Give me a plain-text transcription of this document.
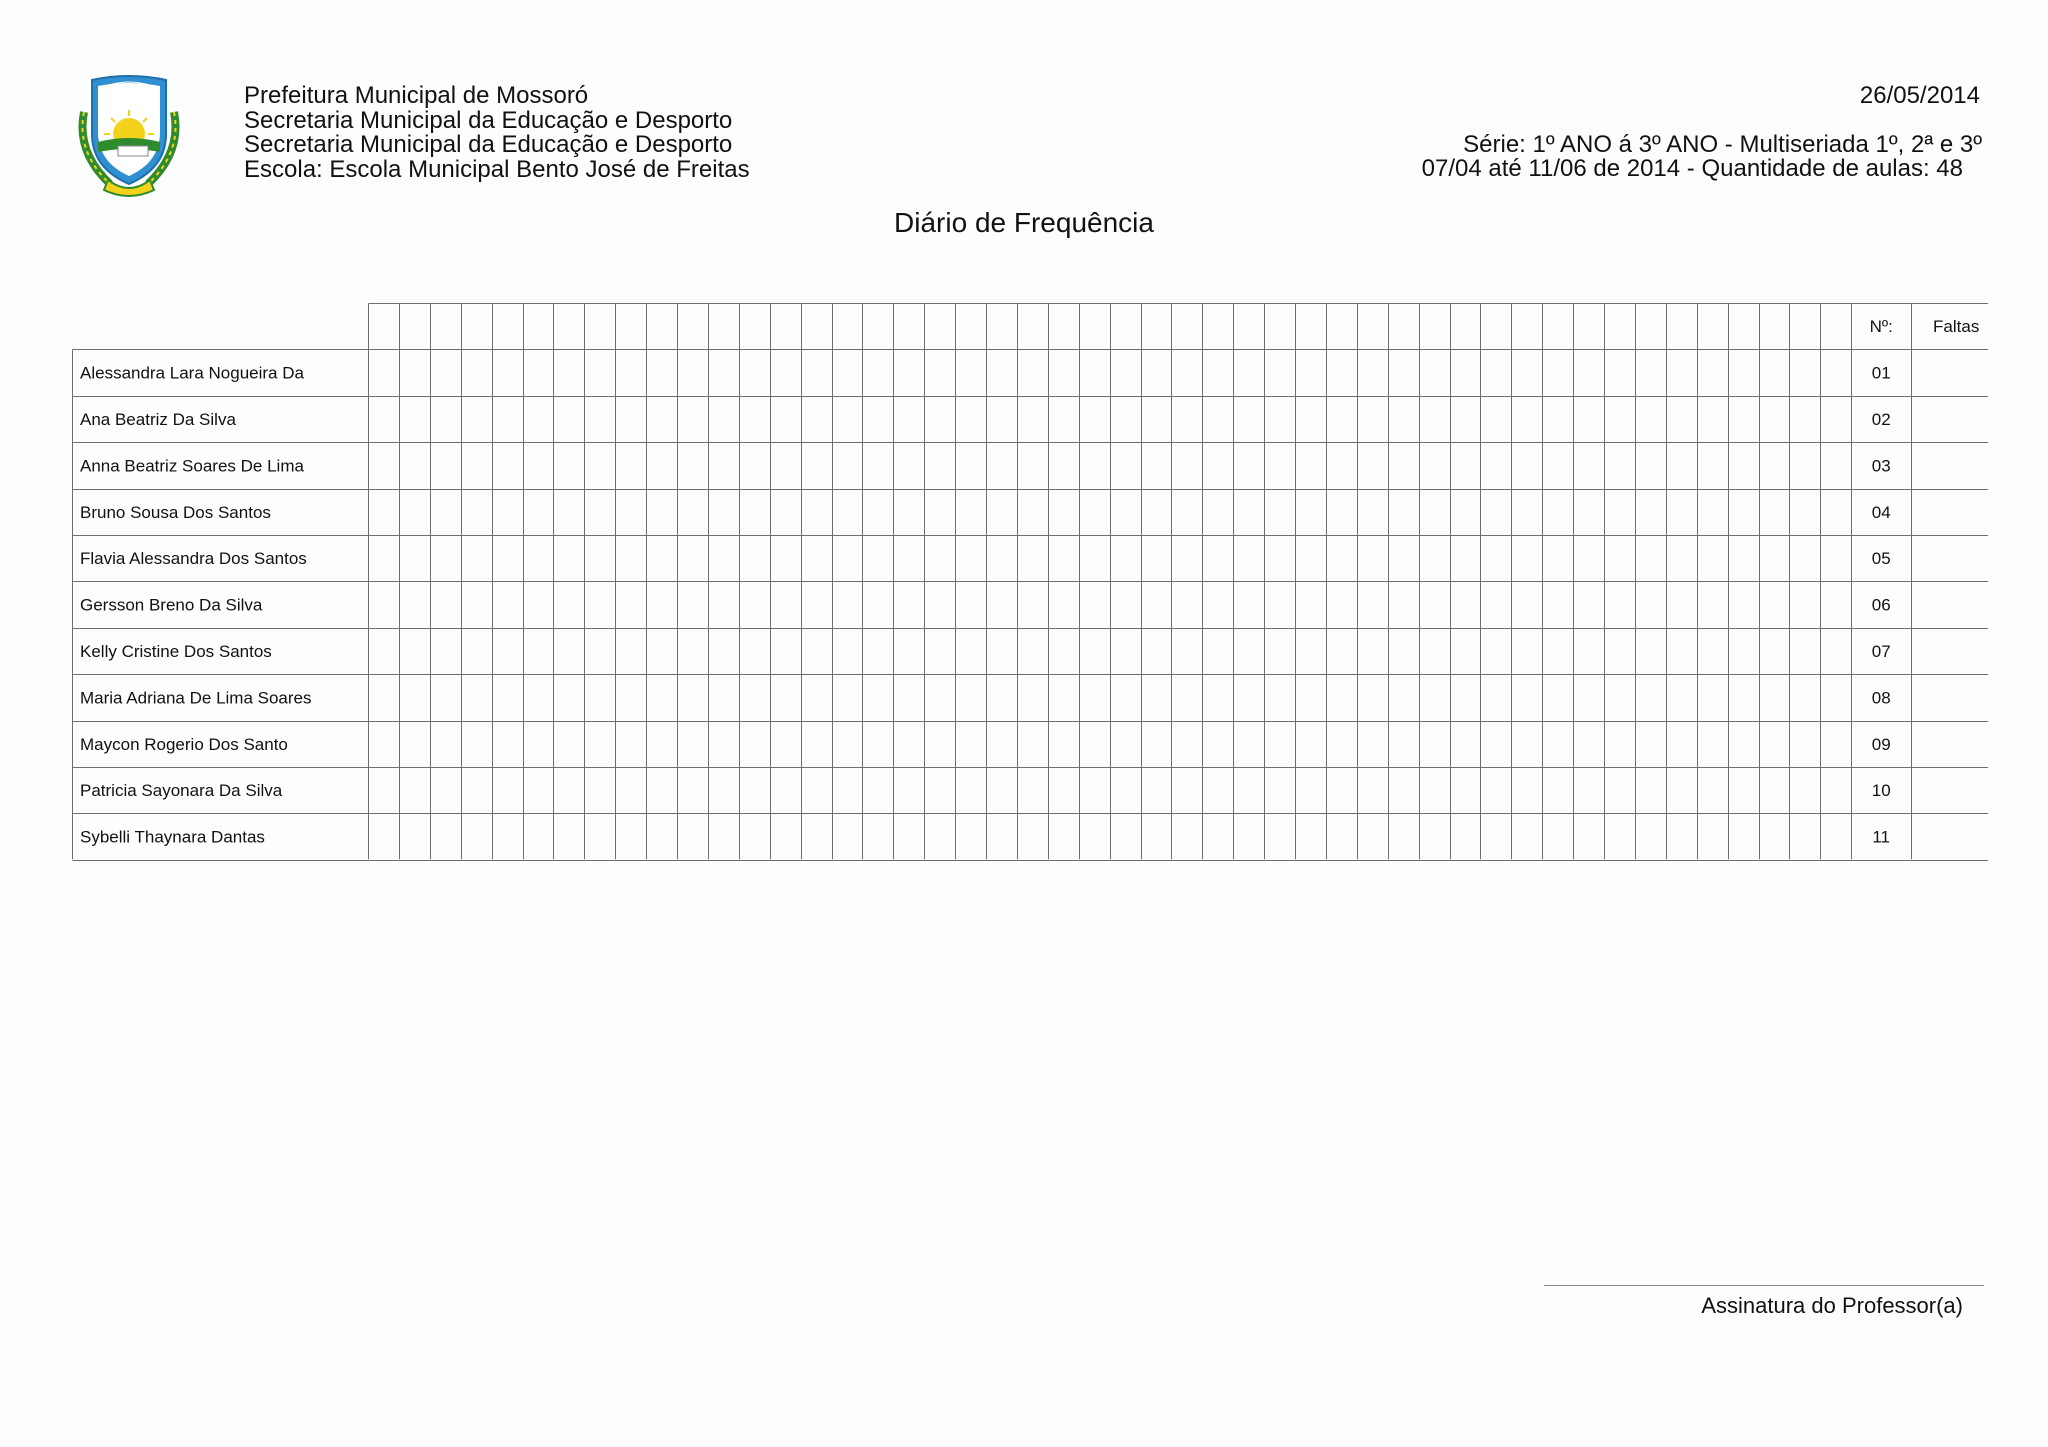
Prefeitura Municipal de Mossoró
Secretaria Municipal da Educação e Desporto
Secretaria Municipal da Educação e Desporto
Escola: Escola Municipal Bento José de Freitas
26/05/2014
Série: 1º ANO á 3º ANO - Multiseriada 1º, 2ª e 3º
07/04 até 11/06 de 2014 - Quantidade de aulas: 48
Diário de Frequência
Nº: Faltas
Alessandra Lara Nogueira Da	01
Ana Beatriz Da Silva	02
Anna Beatriz Soares De Lima	03
Bruno Sousa Dos Santos	04
Flavia Alessandra Dos Santos	05
Gersson Breno Da Silva	06
Kelly Cristine Dos Santos	07
Maria Adriana De Lima Soares	08
Maycon Rogerio Dos Santo	09
Patricia Sayonara Da Silva	10
Sybelli Thaynara Dantas	11
Assinatura do Professor(a)
